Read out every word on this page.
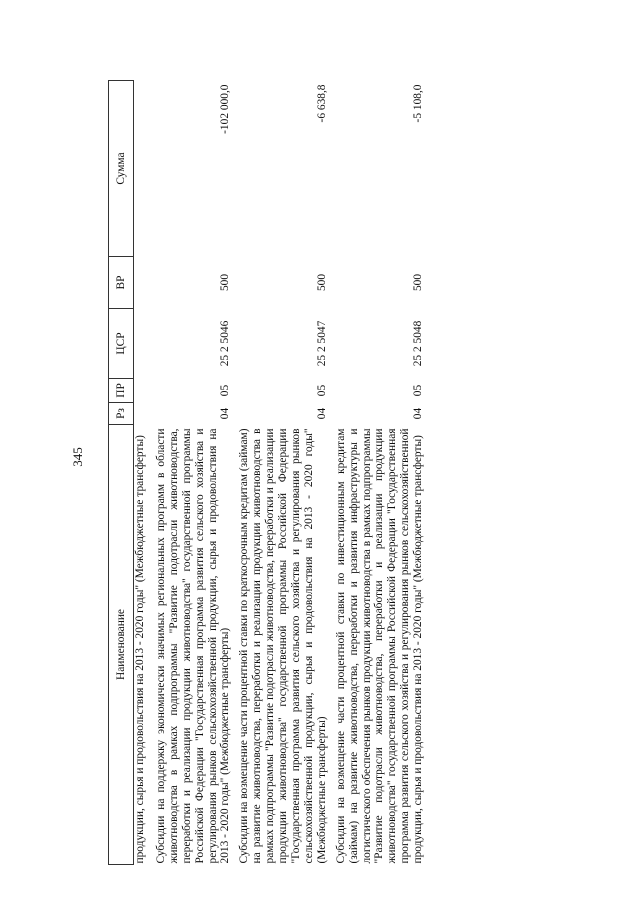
345
Наименование	Рз	ПР	ЦСР	ВР	Сумма
продукции, сырья и продовольствия на 2013 - 2020 годы" (Межбюджетные трансферты)					
Субсидии на поддержку экономически значимых региональных программ в области животноводства в рамках подпрограммы "Развитие подотрасли животноводства, переработки и реализации продукции животноводства" государственной программы Российской Федерации "Государственная программа развития сельского хозяйства и регулирования рынков сельскохозяйственной продукции, сырья и продовольствия на 2013 - 2020 годы" (Межбюджетные трансферты)	04	05	25 2 5046	500	-102 000,0
Субсидии на возмещение части процентной ставки по краткосрочным кредитам (займам) на развитие животноводства, переработки и реализации продукции животноводства в рамках подпрограммы "Развитие подотрасли животноводства, переработки и реализации продукции животноводства" государственной программы Российской Федерации "Государственная программа развития сельского хозяйства и регулирования рынков сельскохозяйственной продукции, сырья и продовольствия на 2013 - 2020 годы" (Межбюджетные трансферты)	04	05	25 2 5047	500	-6 638,8
Субсидии на возмещение части процентной ставки по инвестиционным кредитам (займам) на развитие животноводства, переработки и развития инфраструктуры и логистического обеспечения рынков продукции животноводства в рамках подпрограммы "Развитие подотрасли животноводства, переработки и реализации продукции животноводства" государственной программы Российской Федерации "Государственная программа развития сельского хозяйства и регулирования рынков сельскохозяйственной продукции, сырья и продовольствия на 2013 - 2020 годы" (Межбюджетные трансферты)	04	05	25 2 5048	500	-5 108,0
